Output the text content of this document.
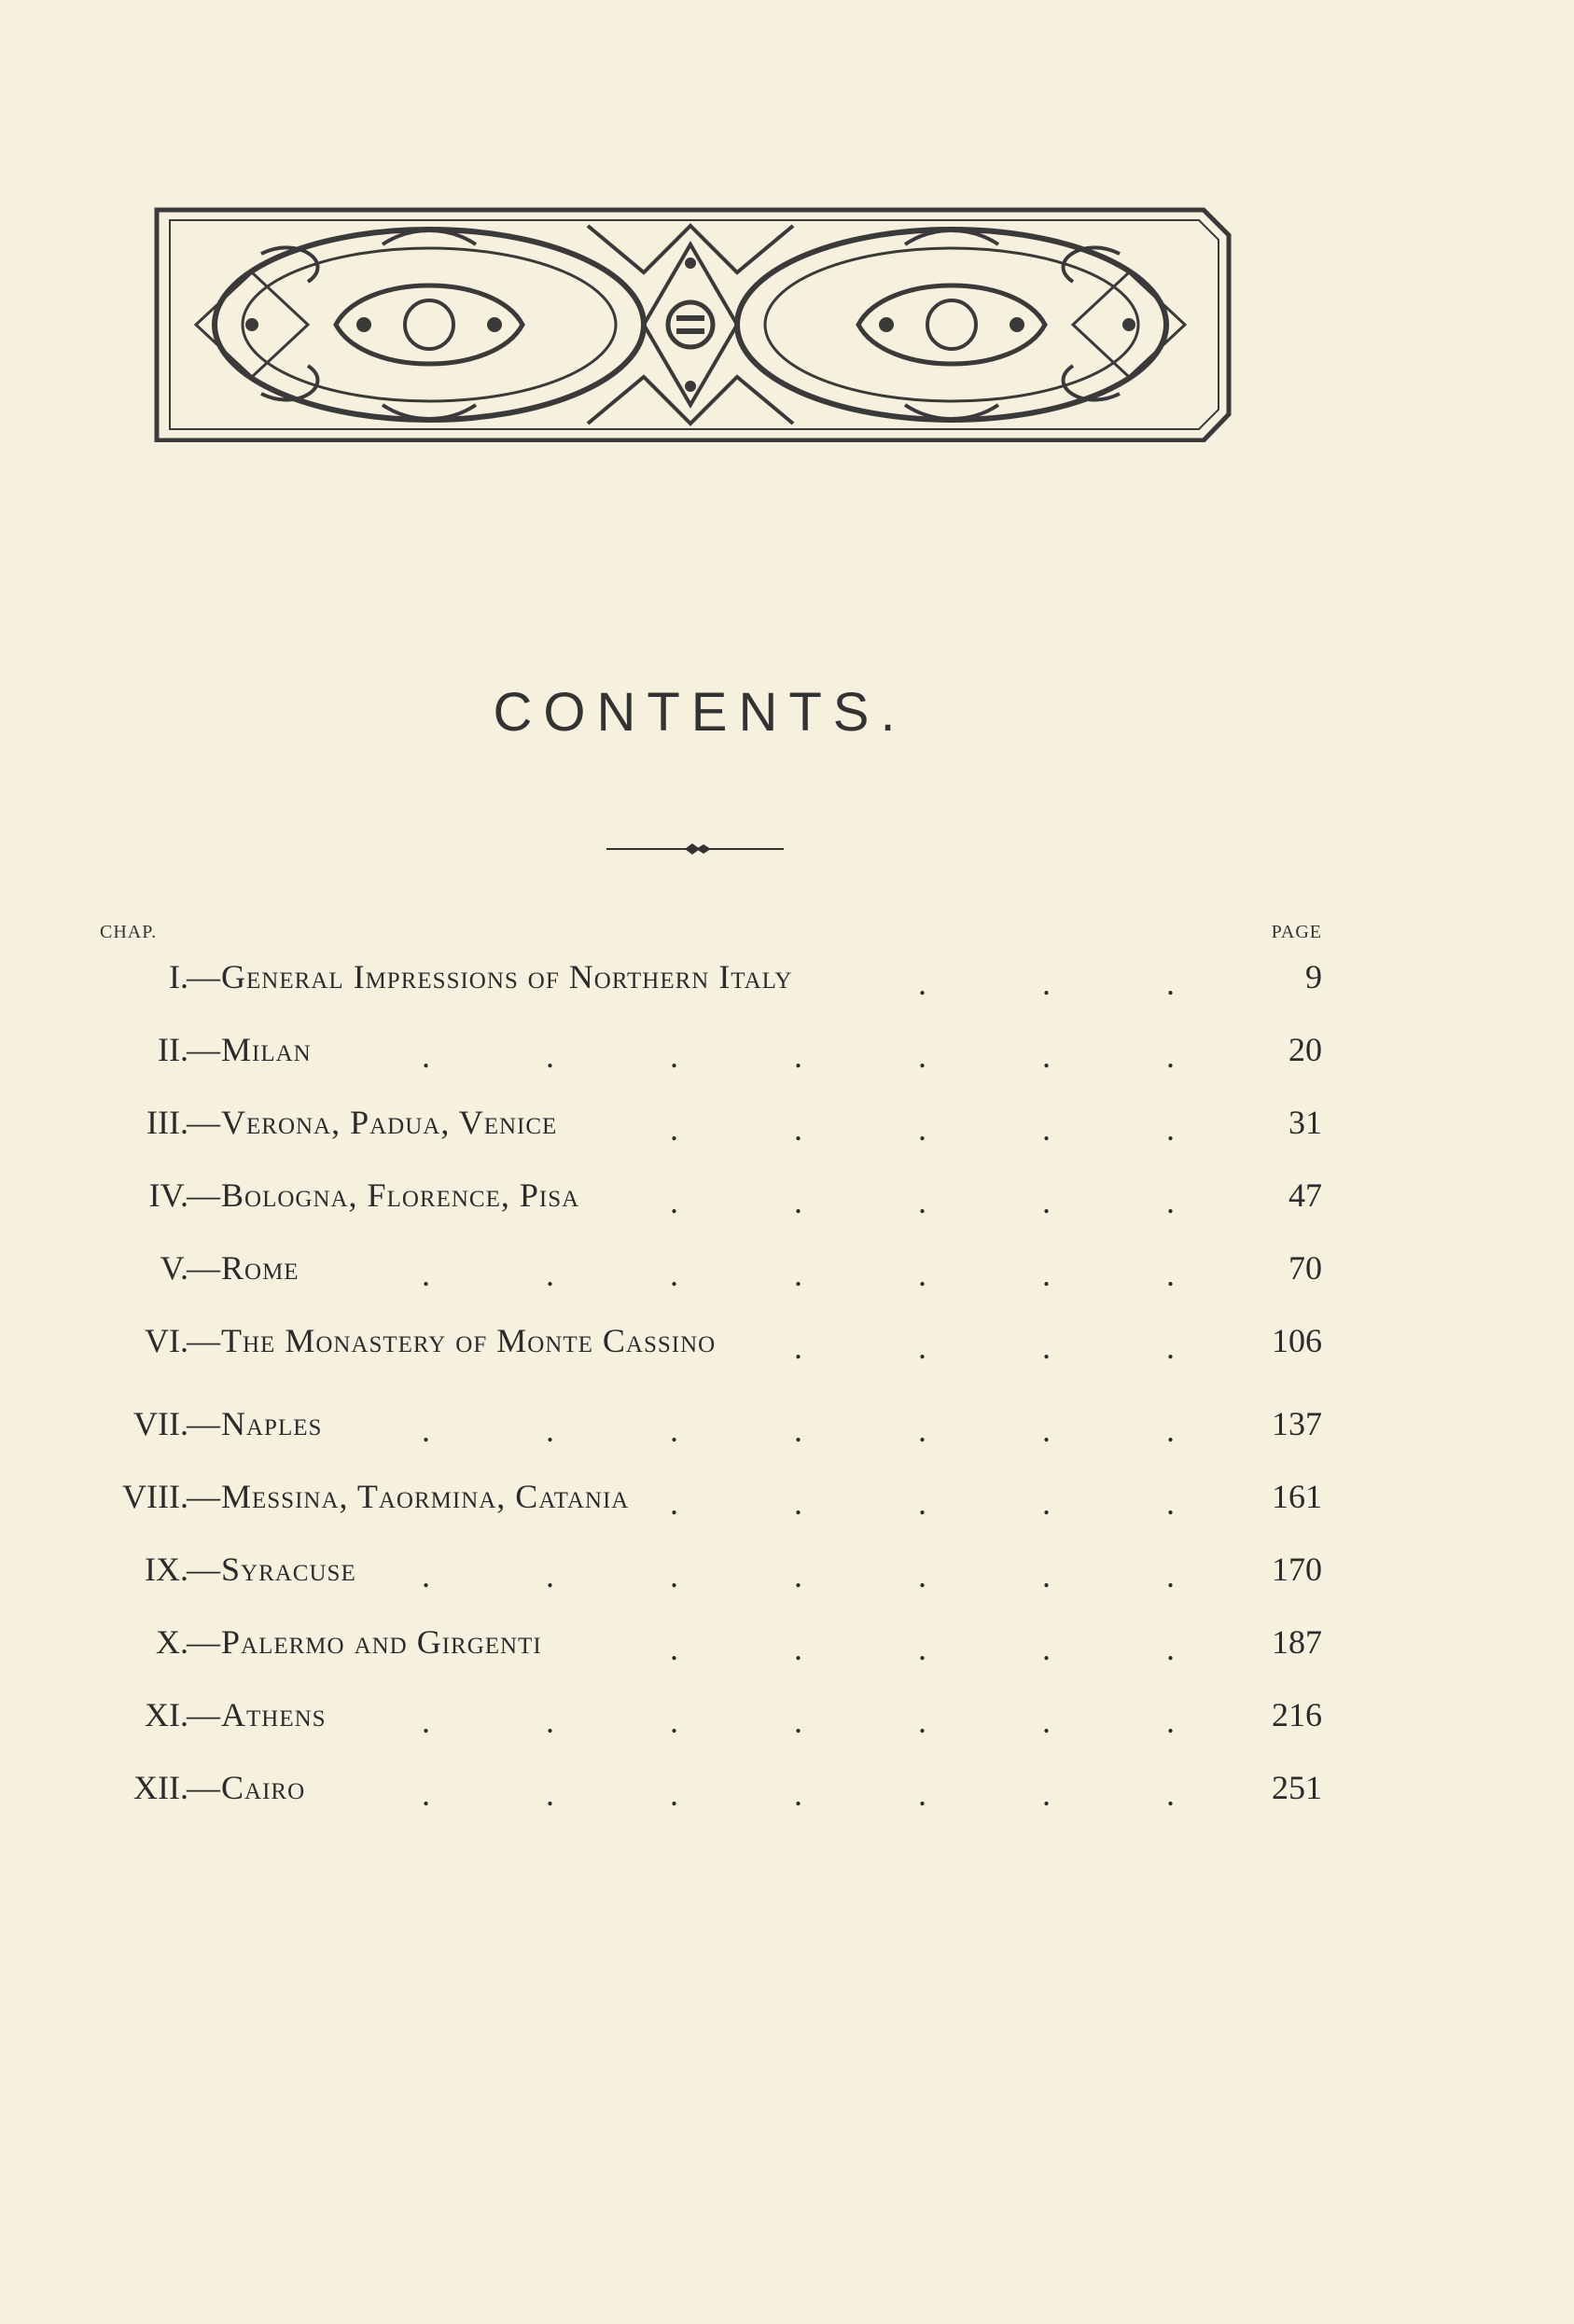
CONTENTS.
CHAP.	PAGE
I. — General Impressions of Northern Italy	9
.	.	.
II. — Milan	20
.	.	.	.	.	.	.
III. — Verona, Padua, Venice	31
.	.	.	.	.
IV. — Bologna, Florence, Pisa	47
.	.	.	.	.
V. — Rome	70
.	.	.	.	.	.	.
VI. — The Monastery of Monte Cassino	106
.	.	.	.
VII. — Naples	137
.	.	.	.	.	.	.
VIII. — Messina, Taormina, Catania	161
.	.	.	.	.
IX. — Syracuse	170
.	.	.	.	.	.	.
X. — Palermo and Girgenti	187
.	.	.	.	.
XI. — Athens	216
.	.	.	.	.	.	.
XII. — Cairo	251
.	.	.	.	.	.	.
